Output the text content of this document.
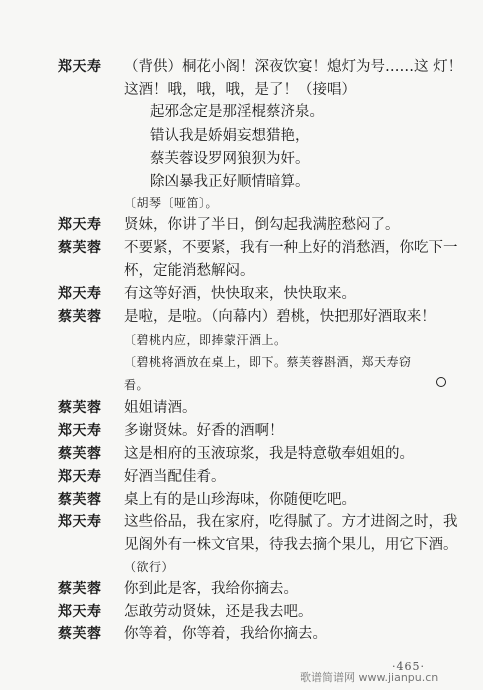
郑天寿	（背供）桐花小阁！深夜饮宴！熄灯为号……这 灯！
这酒！哦，哦，哦，是了！（接唱）
起邪念定是那淫棍蔡济泉。
错认我是娇娟妄想猎艳，
蔡芙蓉设罗网狼狈为奸。
除凶暴我正好顺情暗算。
〔胡琴〔哑笛〕。
郑天寿	贤妹，你讲了半日，倒勾起我满腔愁闷了。
蔡芙蓉	不要紧，不要紧，我有一种上好的消愁酒，你吃下一
杯，定能消愁解闷。
郑天寿	有这等好酒，快快取来，快快取来。
蔡芙蓉	是啦，是啦。（向幕内）碧桃，快把那好酒取来！
〔碧桃内应，即捧蒙汗酒上。
〔碧桃将酒放在桌上，即下。蔡芙蓉斟酒，郑天寿窃
看。
蔡芙蓉	姐姐请酒。
郑天寿	多谢贤妹。好香的酒啊！
蔡芙蓉	这是相府的玉液琼浆，我是特意敬奉姐姐的。
郑天寿	好酒当配佳肴。
蔡芙蓉	桌上有的是山珍海味，你随便吃吧。
郑天寿	这些俗品，我在家府，吃得腻了。方才进阁之时，我
见阁外有一株文官果，待我去摘个果儿，用它下酒。
（欲行）
蔡芙蓉	你到此是客，我给你摘去。
郑天寿	怎敢劳动贤妹，还是我去吧。
蔡芙蓉	你等着，你等着，我给你摘去。
·465·
歌谱简谱网 www.jianpu.cn
